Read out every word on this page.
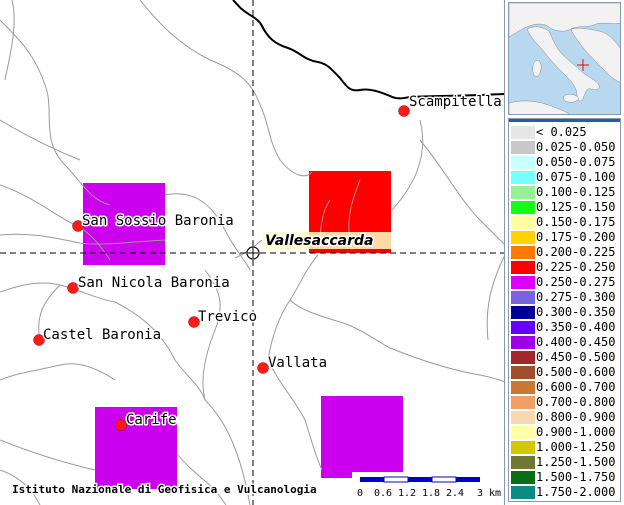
Scampitella
San Sossio Baronia
San Nicola Baronia
Trevico
Castel Baronia
Vallata
Carife
Vallesaccarda
0 0.6 1.2 1.8 2.4 3 km
Istituto Nazionale di Geofisica e Vulcanologia
< 0.025
0.025-0.050
0.050-0.075
0.075-0.100
0.100-0.125
0.125-0.150
0.150-0.175
0.175-0.200
0.200-0.225
0.225-0.250
0.250-0.275
0.275-0.300
0.300-0.350
0.350-0.400
0.400-0.450
0.450-0.500
0.500-0.600
0.600-0.700
0.700-0.800
0.800-0.900
0.900-1.000
1.000-1.250
1.250-1.500
1.500-1.750
1.750-2.000
